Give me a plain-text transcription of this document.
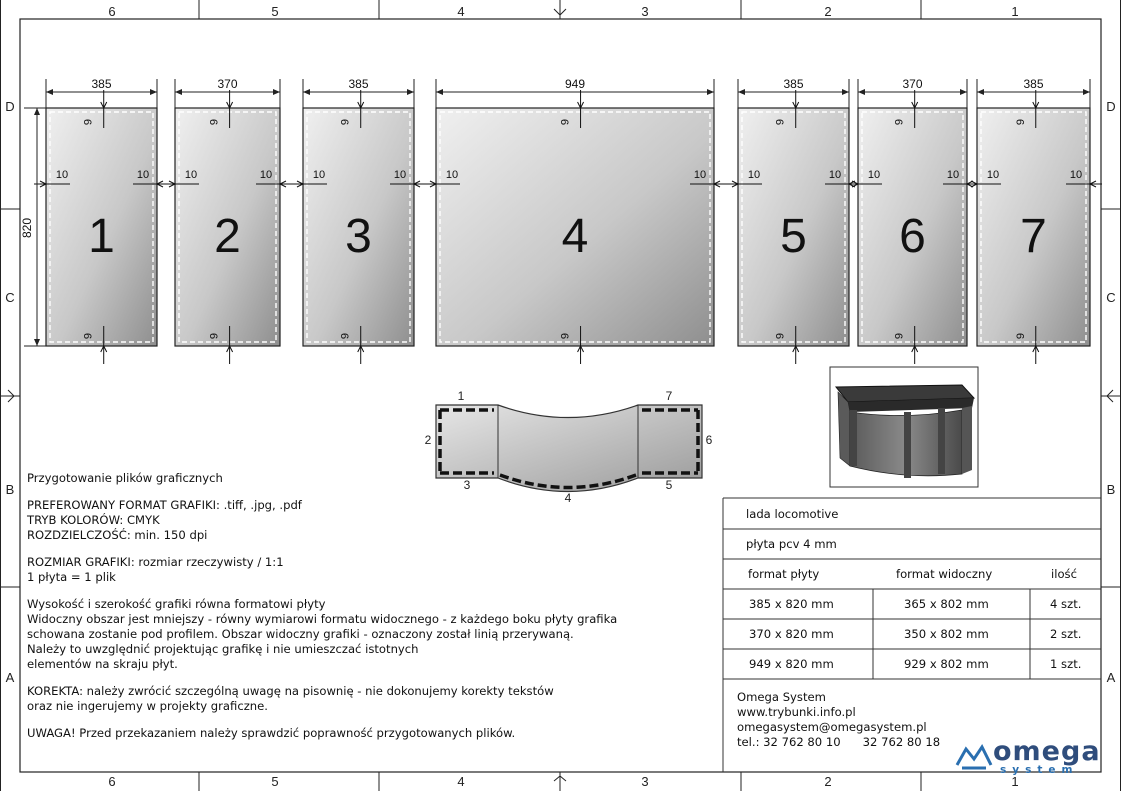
6	5	4	3	2	1
6	5	4	3	2	1
D
C
B
A
D
C
B
A
385
1
9
9
10	10
370
2
9
9
10	10
385
3
9
9
10	10
949
4
9
9
10	10
385
5
9
9
10	10
370
6
9
9
10	10
385
7
9
9
10	10
820
1
2
3
4
5
6
7
Przygotowanie plików graficznych
PREFEROWANY FORMAT GRAFIKI: .tiff, .jpg, .pdf
TRYB KOLORÓW: CMYK
ROZDZIELCZOŚĆ: min. 150 dpi
ROZMIAR GRAFIKI: rozmiar rzeczywisty / 1:1
1 płyta = 1 plik
Wysokość i szerokość grafiki równa formatowi płyty
Widoczny obszar jest mniejszy - równy wymiarowi formatu widocznego - z każdego boku płyty grafika
schowana zostanie pod profilem. Obszar widoczny grafiki - oznaczony został linią przerywaną.
Należy to uwzględnić projektując grafikę i nie umieszczać istotnych
elementów na skraju płyt.
KOREKTA: należy zwrócić szczególną uwagę na pisownię - nie dokonujemy korekty tekstów
oraz nie ingerujemy w projekty graficzne.
UWAGA! Przed przekazaniem należy sprawdzić poprawność przygotowanych plików.
lada locomotive
płyta pcv 4 mm
format płyty	format widoczny	ilość
385 x 820 mm	365 x 802 mm	4 szt.
370 x 820 mm	350 x 802 mm	2 szt.
949 x 820 mm	929 x 802 mm	1 szt.
Omega System
www.trybunki.info.pl
omegasystem@omegasystem.pl
tel.: 32 762 80 10 32 762 80 18 omega
system
